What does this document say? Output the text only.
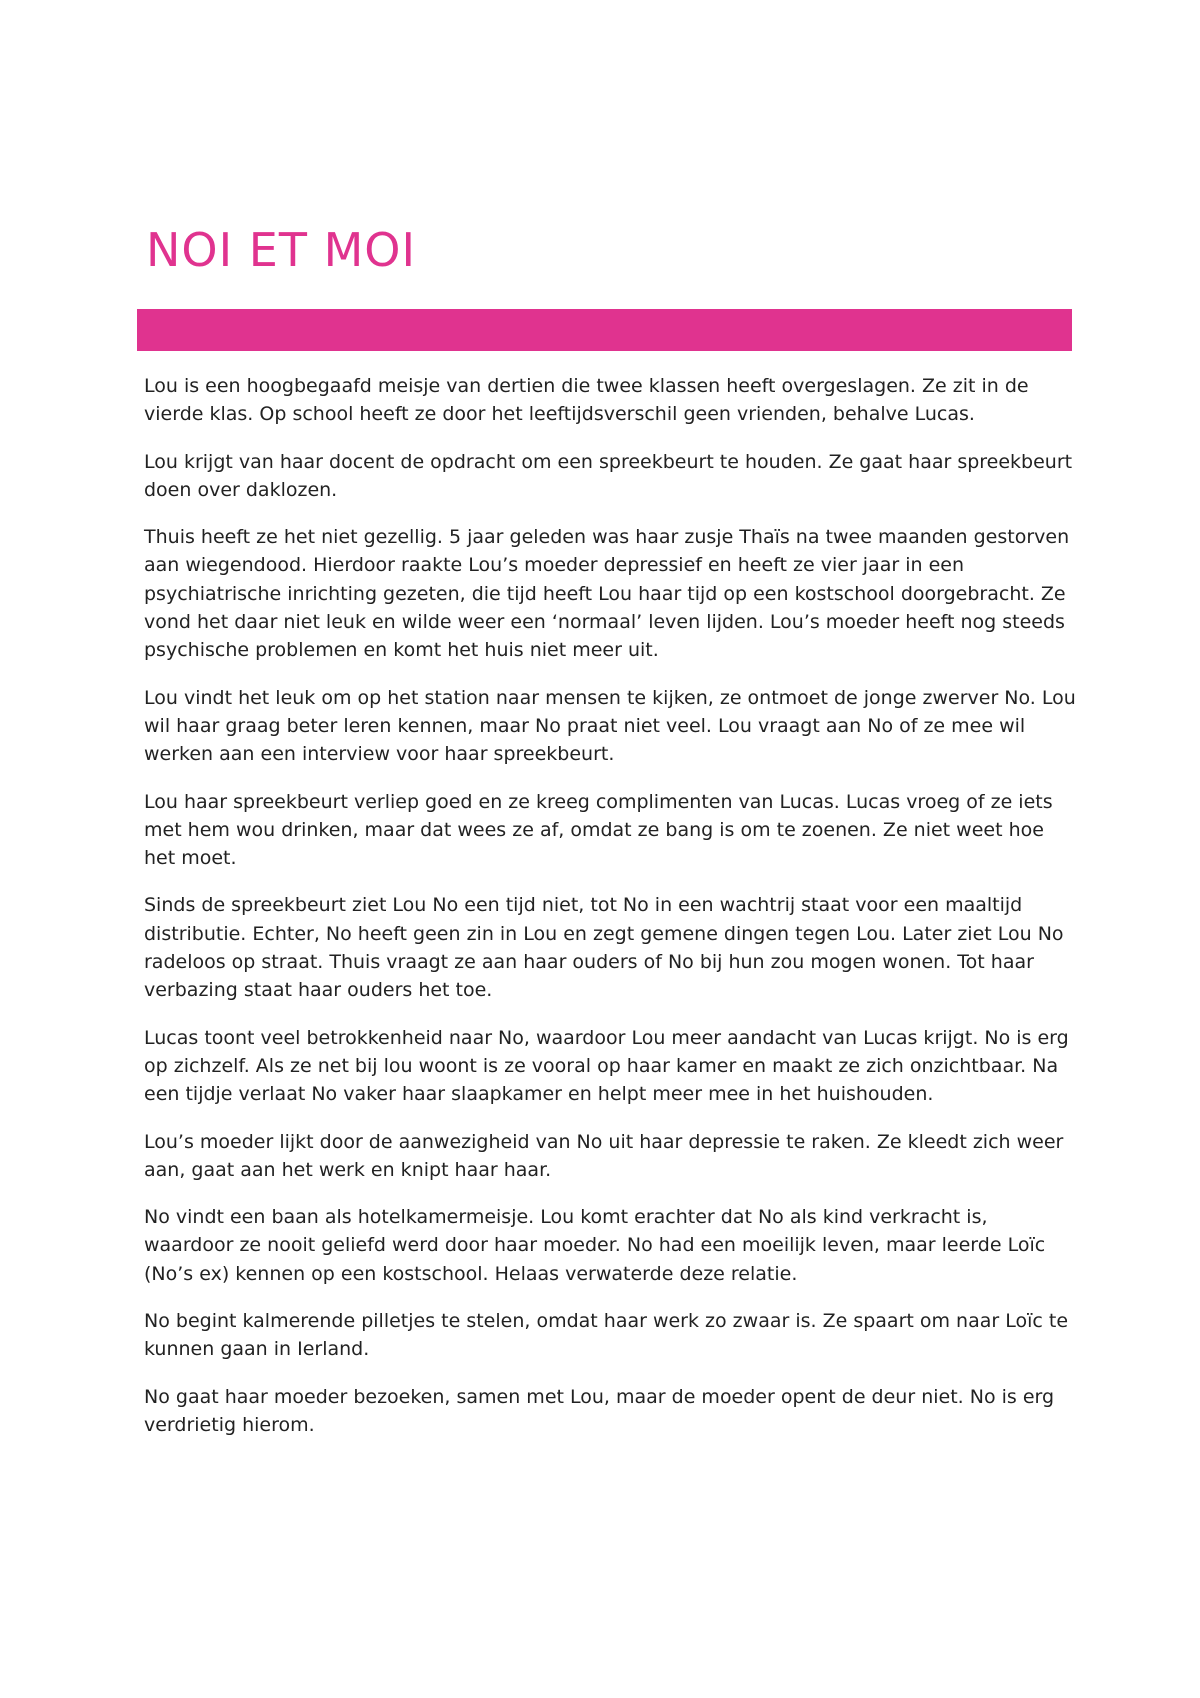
NOI ET MOI

Lou is een hoogbegaafd meisje van dertien die twee klassen heeft overgeslagen. Ze zit in de vierde klas. Op school heeft ze door het leeftijdsverschil geen vrienden, behalve Lucas.

Lou krijgt van haar docent de opdracht om een spreekbeurt te houden. Ze gaat haar spreekbeurt doen over daklozen.

Thuis heeft ze het niet gezellig. 5 jaar geleden was haar zusje Thaïs na twee maanden gestorven aan wiegendood. Hierdoor raakte Lou’s moeder depressief en heeft ze vier jaar in een psychiatrische inrichting gezeten, die tijd heeft Lou haar tijd op een kostschool doorgebracht. Ze vond het daar niet leuk en wilde weer een ‘normaal’ leven lijden. Lou’s moeder heeft nog steeds psychische problemen en komt het huis niet meer uit.

Lou vindt het leuk om op het station naar mensen te kijken, ze ontmoet de jonge zwerver No. Lou wil haar graag beter leren kennen, maar No praat niet veel. Lou vraagt aan No of ze mee wil werken aan een interview voor haar spreekbeurt.

Lou haar spreekbeurt verliep goed en ze kreeg complimenten van Lucas. Lucas vroeg of ze iets met hem wou drinken, maar dat wees ze af, omdat ze bang is om te zoenen. Ze niet weet hoe het moet.

Sinds de spreekbeurt ziet Lou No een tijd niet, tot No in een wachtrij staat voor een maaltijd distributie. Echter, No heeft geen zin in Lou en zegt gemene dingen tegen Lou. Later ziet Lou No radeloos op straat. Thuis vraagt ze aan haar ouders of No bij hun zou mogen wonen. Tot haar verbazing staat haar ouders het toe.

Lucas toont veel betrokkenheid naar No, waardoor Lou meer aandacht van Lucas krijgt. No is erg op zichzelf. Als ze net bij lou woont is ze vooral op haar kamer en maakt ze zich onzichtbaar. Na een tijdje verlaat No vaker haar slaapkamer en helpt meer mee in het huishouden.

Lou’s moeder lijkt door de aanwezigheid van No uit haar depressie te raken. Ze kleedt zich weer aan, gaat aan het werk en knipt haar haar.

No vindt een baan als hotelkamermeisje. Lou komt erachter dat No als kind verkracht is, waardoor ze nooit geliefd werd door haar moeder. No had een moeilijk leven, maar leerde Loïc (No’s ex) kennen op een kostschool. Helaas verwaterde deze relatie.

No begint kalmerende pilletjes te stelen, omdat haar werk zo zwaar is. Ze spaart om naar Loïc te kunnen gaan in Ierland.

No gaat haar moeder bezoeken, samen met Lou, maar de moeder opent de deur niet. No is erg verdrietig hierom.
